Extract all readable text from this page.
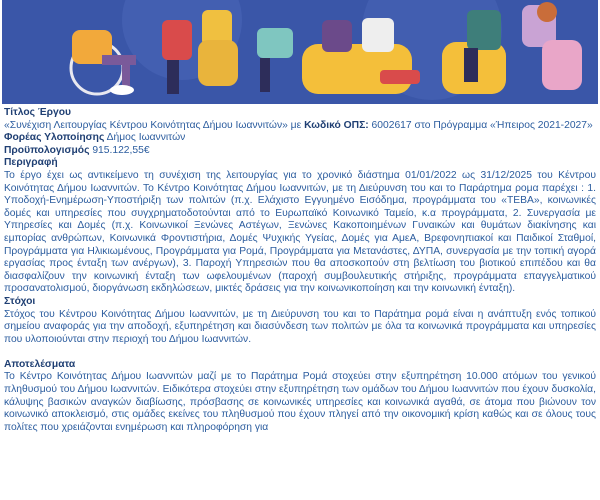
Τίτλος Έργου

«Συνέχιση Λειτουργίας Κέντρου Κοινότητας Δήμου Ιωαννιτών» με Κωδικό ΟΠΣ: 6002617 στο Πρόγραμμα «Ήπειρος 2021-2027»

Φορέας Υλοποίησης Δήμος Ιωαννιτών

Προϋπολογισμός 915.122,55€

Περιγραφή

Το έργο έχει ως αντικείμενο τη συνέχιση της λειτουργίας για το χρονικό διάστημα 01/01/2022 ως 31/12/2025 του Κέντρου Κοινότητας Δήμου Ιωαννιτών. Το Κέντρο Κοινότητας Δήμου Ιωαννιτών, με τη Διεύρυνση του και το Παράρτημα ρομα παρέχει : 1. Υποδοχή-Ενημέρωση-Υποστήριξη των πολιτών (π.χ. Ελάχιστο Εγγυημένο Εισόδημα, προγράμματα του «ΤΕΒΑ», κοινωνικές δομές και υπηρεσίες που συγχρηματοδοτούνται από το Ευρωπαϊκό Κοινωνικό Ταμείο, κ.α προγράμματα, 2. Συνεργασία με Υπηρεσίες και Δομές (π.χ. Κοινωνικοί Ξενώνες Αστέγων, Ξενώνες Κακοποιημένων Γυναικών και θυμάτων διακίνησης και εμπορίας ανθρώπων, Κοινωνικά Φροντιστήρια, Δομές Ψυχικής Υγείας, Δομές για ΑμεΑ, Βρεφονηπιακοί και Παιδικοί Σταθμοί, Προγράμματα για Ηλικιωμένους, Προγράμματα για Ρομά, Προγράμματα για Μετανάστες, ΔΥΠΑ, συνεργασία με την τοπική αγορά εργασίας προς ένταξη των ανέργων), 3. Παροχή Υπηρεσιών που θα αποσκοπούν στη βελτίωση του βιοτικού επιπέδου και θα διασφαλίζουν την κοινωνική ένταξη των ωφελουμένων (παροχή συμβουλευτικής στήριξης, προγράμματα επαγγελματικού προσανατολισμού, διοργάνωση εκδηλώσεων, μικτές δράσεις για την κοινωνικοποίηση και την κοινωνική ένταξη).

Στόχοι

Στόχος του Κέντρου Κοινότητας Δήμου Ιωαννιτών, με τη Διεύρυνση του και το Παράτημα ρομά είναι η ανάπτυξη ενός τοπικού σημείου αναφοράς για την αποδοχή, εξυπηρέτηση και διασύνδεση των πολιτών με όλα τα κοινωνικά προγράμματα και υπηρεσίες που υλοποιούνται στην περιοχή του Δήμου Ιωαννιτών.

Αποτελέσματα

Το Κέντρο Κοινότητας Δήμου Ιωαννιτών μαζί με το Παράτημα Ρομά στοχεύει στην εξυπηρέτηση 10.000 ατόμων του γενικού πληθυσμού του Δήμου Ιωαννιτών. Ειδικότερα στοχεύει στην εξυπηρέτηση των ομάδων του Δήμου Ιωαννιτών που έχουν δυσκολία, κάλυψης βασικών αναγκών διαβίωσης, πρόσβασης σε κοινωνικές υπηρεσίες και κοινωνικά αγαθά, σε άτομα που βιώνουν τον κοινωνικό αποκλεισμό, στις ομάδες εκείνες του πληθυσμού που έχουν πληγεί από την οικονομική κρίση καθώς και σε όλους τους πολίτες που χρειάζονται ενημέρωση και πληροφόρηση για
